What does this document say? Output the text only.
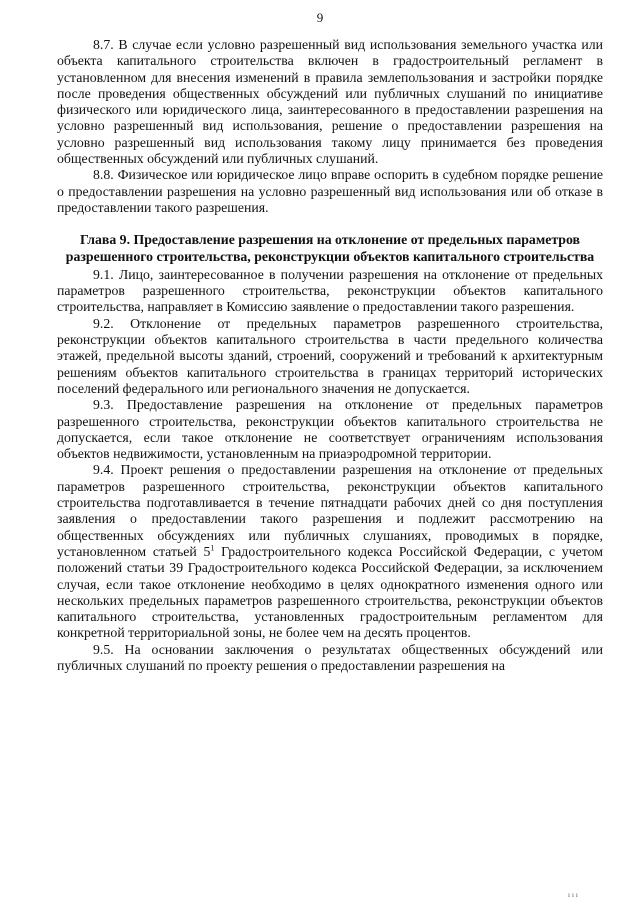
9

8.7. В случае если условно разрешенный вид использования земельного участка или объекта капитального строительства включен в градостроительный регламент в установленном для внесения изменений в правила землепользования и застройки порядке после проведения общественных обсуждений или публичных слушаний по инициативе физического или юридического лица, заинтересованного в предоставлении разрешения на условно разрешенный вид использования, решение о предоставлении разрешения на условно разрешенный вид использования такому лицу принимается без проведения общественных обсуждений или публичных слушаний.

8.8. Физическое или юридическое лицо вправе оспорить в судебном порядке решение о предоставлении разрешения на условно разрешенный вид использования или об отказе в предоставлении такого разрешения.

Глава 9. Предоставление разрешения на отклонение от предельных параметров разрешенного строительства, реконструкции объектов капитального строительства

9.1. Лицо, заинтересованное в получении разрешения на отклонение от предельных параметров разрешенного строительства, реконструкции объектов капитального строительства, направляет в Комиссию заявление о предоставлении такого разрешения.

9.2. Отклонение от предельных параметров разрешенного строительства, реконструкции объектов капитального строительства в части предельного количества этажей, предельной высоты зданий, строений, сооружений и требований к архитектурным решениям объектов капитального строительства в границах территорий исторических поселений федерального или регионального значения не допускается.

9.3. Предоставление разрешения на отклонение от предельных параметров разрешенного строительства, реконструкции объектов капитального строительства не допускается, если такое отклонение не соответствует ограничениям использования объектов недвижимости, установленным на приаэродромной территории.

9.4. Проект решения о предоставлении разрешения на отклонение от предельных параметров разрешенного строительства, реконструкции объектов капитального строительства подготавливается в течение пятнадцати рабочих дней со дня поступления заявления о предоставлении такого разрешения и подлежит рассмотрению на общественных обсуждениях или публичных слушаниях, проводимых в порядке, установленном статьей $5^1$ Градостроительного кодекса Российской Федерации, с учетом положений статьи 39 Градостроительного кодекса Российской Федерации, за исключением случая, если такое отклонение необходимо в целях однократного изменения одного или нескольких предельных параметров разрешенного строительства, реконструкции объектов капитального строительства, установленных градостроительным регламентом для конкретной территориальной зоны, не более чем на десять процентов.

9.5. На основании заключения о результатах общественных обсуждений или публичных слушаний по проекту решения о предоставлении разрешения на

ııı
